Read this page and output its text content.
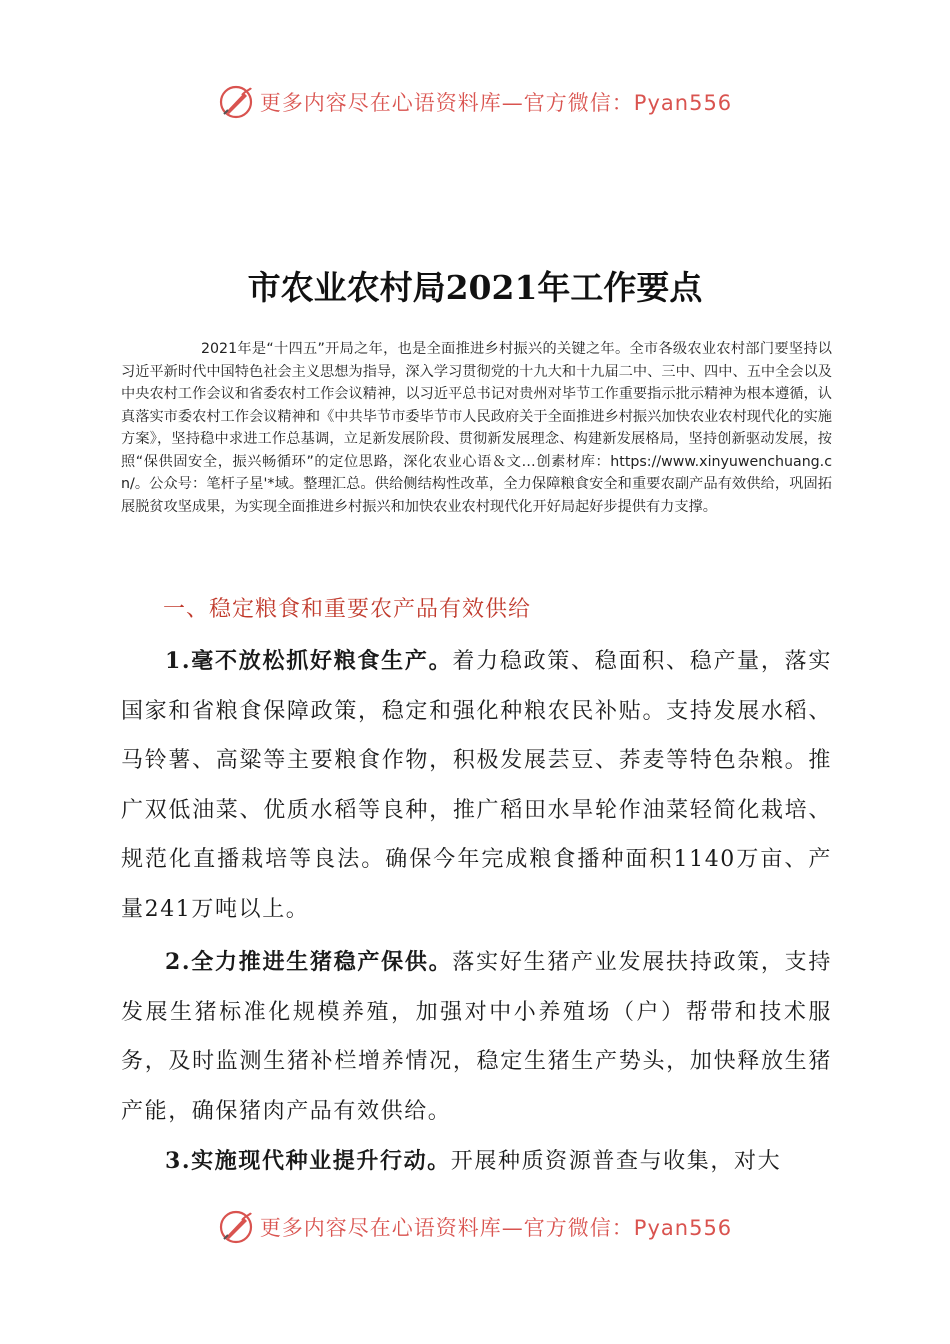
更多内容尽在心语资料库—官方微信：Pyan556
市农业农村局2021年工作要点

2021年是“十四五”开局之年，也是全面推进乡村振兴的关键之年。全市各级农业农村部门要坚持以习近平新时代中国特色社会主义思想为指导，深入学习贯彻党的十九大和十九届二中、三中、四中、五中全会以及中央农村工作会议和省委农村工作会议精神，以习近平总书记对贵州对毕节工作重要指示批示精神为根本遵循，认真落实市委农村工作会议精神和《中共毕节市委毕节市人民政府关于全面推进乡村振兴加快农业农村现代化的实施方案》，坚持稳中求进工作总基调，立足新发展阶段、贯彻新发展理念、构建新发展格局，坚持创新驱动发展，按照“保供固安全，振兴畅循环”的定位思路，深化农业心语＆文…创素材库：https://www.xinyuwenchuang.cn/。公众号：笔杆子星'*域。整理汇总。供给侧结构性改革，全力保障粮食安全和重要农副产品有效供给，巩固拓展脱贫攻坚成果，为实现全面推进乡村振兴和加快农业农村现代化开好局起好步提供有力支撑。

一、稳定粮食和重要农产品有效供给

1.毫不放松抓好粮食生产。着力稳政策、稳面积、稳产量，落实国家和省粮食保障政策，稳定和强化种粮农民补贴。支持发展水稻、马铃薯、高粱等主要粮食作物，积极发展芸豆、荞麦等特色杂粮。推广双低油菜、优质水稻等良种，推广稻田水旱轮作油菜轻简化栽培、规范化直播栽培等良法。确保今年完成粮食播种面积1140万亩、产量241万吨以上。

2.全力推进生猪稳产保供。落实好生猪产业发展扶持政策，支持发展生猪标准化规模养殖，加强对中小养殖场（户）帮带和技术服务，及时监测生猪补栏增养情况，稳定生猪生产势头，加快释放生猪产能，确保猪肉产品有效供给。

3.实施现代种业提升行动。开展种质资源普查与收集，对大

更多内容尽在心语资料库—官方微信：Pyan556
